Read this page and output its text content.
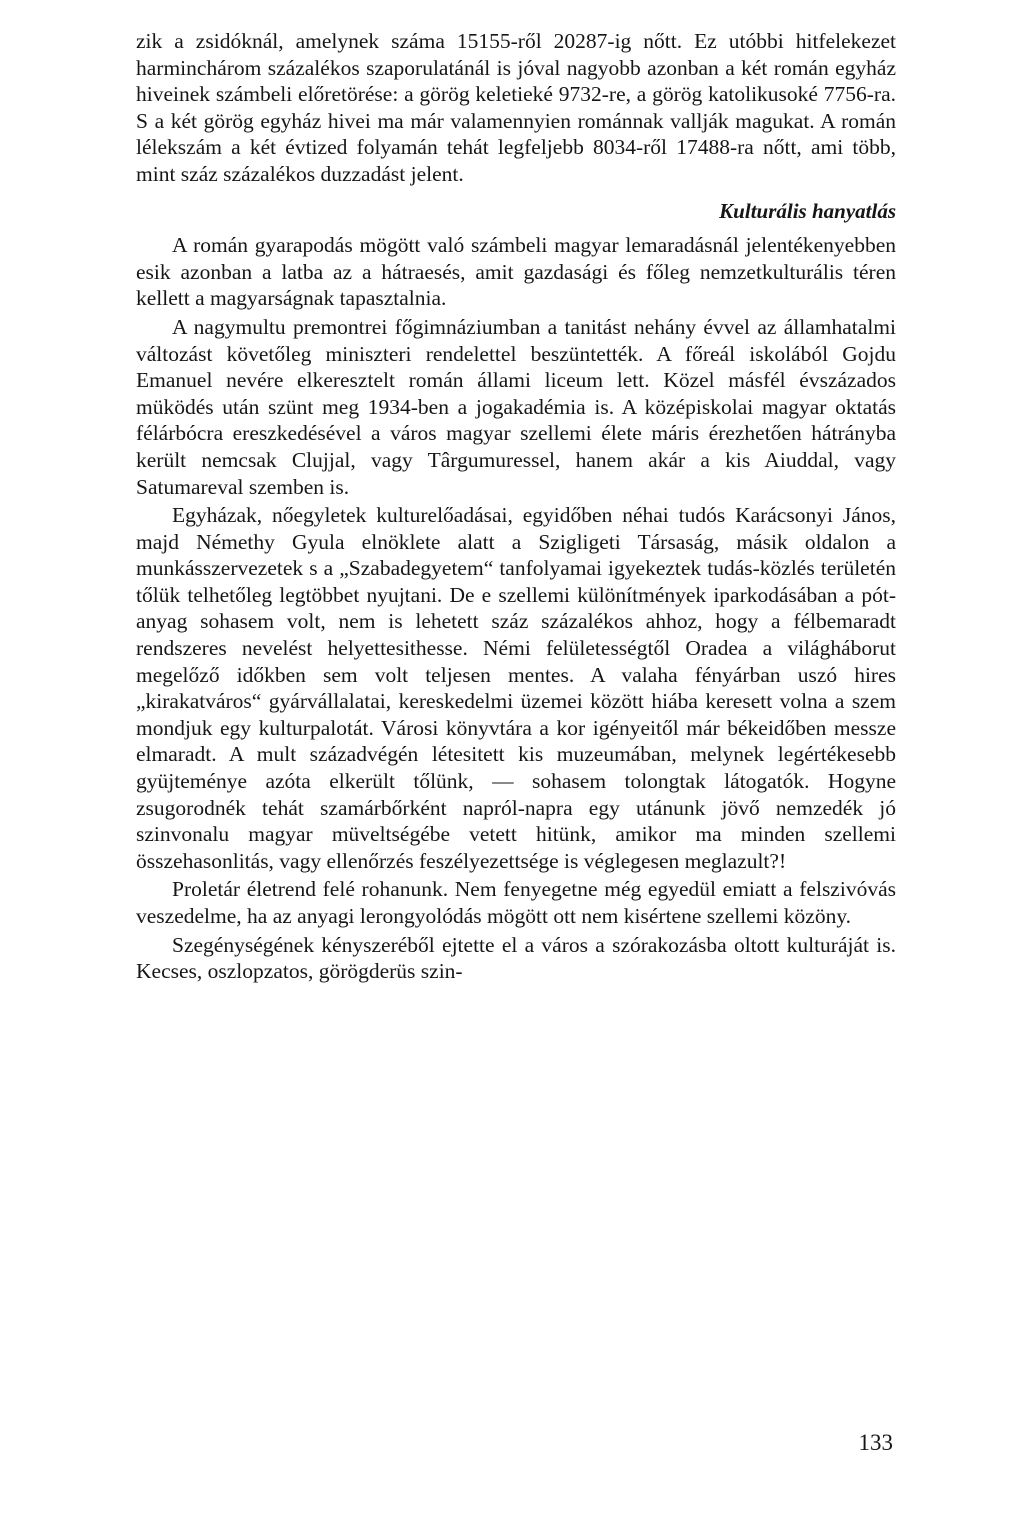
zik a zsidóknál, amelynek száma 15155-ről 20287-ig nőtt. Ez utóbbi hitfelekezet harminchárom százalékos szaporulatánál is jóval nagyobb azonban a két román egyház hiveinek számbeli előretörése: a görög keletieké 9732-re, a görög katolikusoké 7756-ra. S a két görög egyház hivei ma már valamennyien románnak vallják magukat. A román lélekszám a két évtized folyamán tehát legfeljebb 8034-ről 17488-ra nőtt, ami több, mint száz százalékos duzzadást jelent.

Kulturális hanyatlás

A román gyarapodás mögött való számbeli magyar lemaradásnál jelentékenyebben esik azonban a latba az a hátraesés, amit gazdasági és főleg nemzetkulturális téren kellett a magyarságnak tapasztalnia.

A nagymultu premontrei főgimnáziumban a tanitást nehány évvel az államhatalmi változást követőleg miniszteri rendelettel beszüntették. A főreál iskolából Gojdu Emanuel nevére elkeresztelt román állami liceum lett. Közel másfél évszázados müködés után szünt meg 1934-ben a jogakadémia is. A középiskolai magyar oktatás félárbócra ereszkedésével a város magyar szellemi élete máris érezhetően hátrányba került nemcsak Clujjal, vagy Târgumuressel, hanem akár a kis Aiuddal, vagy Satumareval szemben is.

Egyházak, nőegyletek kulturelőadásai, egyidőben néhai tudós Karácsonyi János, majd Némethy Gyula elnöklete alatt a Szigligeti Társaság, másik oldalon a munkásszervezetek s a „Szabadegyetem“ tanfolyamai igyekeztek tudás-közlés területén tőlük telhetőleg legtöbbet nyujtani. De e szellemi különítmények iparkodásában a pót-anyag sohasem volt, nem is lehetett száz százalékos ahhoz, hogy a félbemaradt rendszeres nevelést helyettesithesse. Némi felületességtől Oradea a világháborut megelőző időkben sem volt teljesen mentes. A valaha fényárban uszó hires „kirakatváros“ gyárvállalatai, kereskedelmi üzemei között hiába keresett volna a szem mondjuk egy kulturpalotát. Városi könyvtára a kor igényeitől már békeidőben messze elmaradt. A mult századvégén létesitett kis muzeumában, melynek legértékesebb gyüjteménye azóta elkerült tőlünk, — sohasem tolongtak látogatók. Hogyne zsugorodnék tehát szamárbőrként napról-napra egy utánunk jövő nemzedék jó szinvonalu magyar müveltségébe vetett hitünk, amikor ma minden szellemi összehasonlitás, vagy ellenőrzés feszélyezettsége is véglegesen meglazult?!

Proletár életrend felé rohanunk. Nem fenyegetne még egyedül emiatt a felszivóvás veszedelme, ha az anyagi lerongyolódás mögött ott nem kisértene szellemi közöny.

Szegénységének kényszeréből ejtette el a város a szórakozásba oltott kulturáját is. Kecses, oszlopzatos, görögderüs szin-

133
